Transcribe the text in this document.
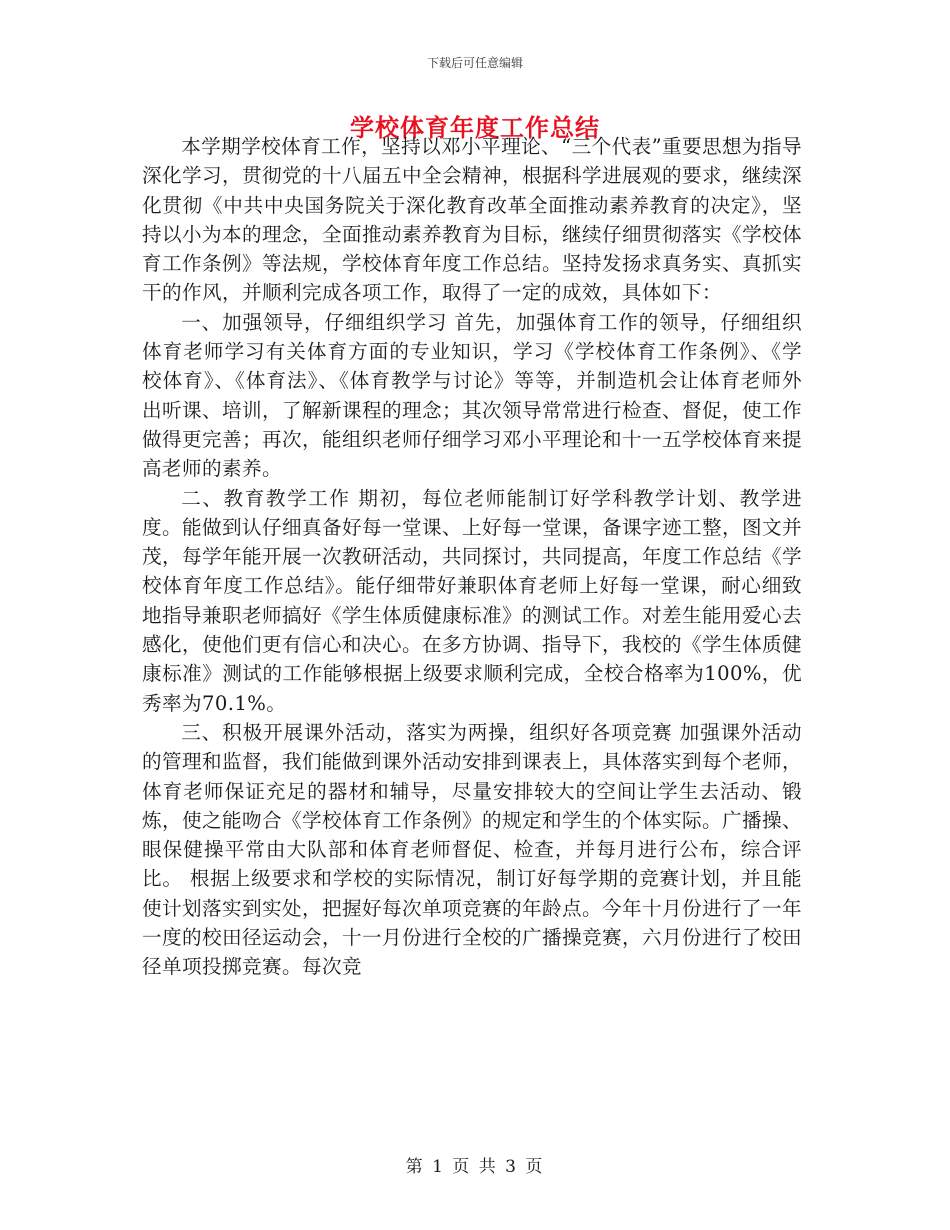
下载后可任意编辑
学校体育年度工作总结

本学期学校体育工作，坚持以邓小平理论、“三个代表”重要思想为指导深化学习，贯彻党的十八届五中全会精神，根据科学进展观的要求，继续深化贯彻《中共中央国务院关于深化教育改革全面推动素养教育的决定》，坚持以小为本的理念，全面推动素养教育为目标，继续仔细贯彻落实《学校体育工作条例》等法规，学校体育年度工作总结。坚持发扬求真务实、真抓实干的作风，并顺利完成各项工作，取得了一定的成效，具体如下：

一、加强领导，仔细组织学习 首先，加强体育工作的领导，仔细组织体育老师学习有关体育方面的专业知识，学习《学校体育工作条例》、《学校体育》、《体育法》、《体育教学与讨论》等等，并制造机会让体育老师外出听课、培训，了解新课程的理念；其次领导常常进行检查、督促，使工作做得更完善；再次，能组织老师仔细学习邓小平理论和十一五学校体育来提高老师的素养。

二、教育教学工作 期初，每位老师能制订好学科教学计划、教学进度。能做到认仔细真备好每一堂课、上好每一堂课，备课字迹工整，图文并茂，每学年能开展一次教研活动，共同探讨，共同提高，年度工作总结《学校体育年度工作总结》。能仔细带好兼职体育老师上好每一堂课，耐心细致地指导兼职老师搞好《学生体质健康标准》的测试工作。对差生能用爱心去感化，使他们更有信心和决心。在多方协调、指导下，我校的《学生体质健康标准》测试的工作能够根据上级要求顺利完成，全校合格率为100%，优秀率为70.1%。

三、积极开展课外活动，落实为两操，组织好各项竞赛 加强课外活动的管理和监督，我们能做到课外活动安排到课表上，具体落实到每个老师，体育老师保证充足的器材和辅导，尽量安排较大的空间让学生去活动、锻炼，使之能吻合《学校体育工作条例》的规定和学生的个体实际。广播操、眼保健操平常由大队部和体育老师督促、检查，并每月进行公布，综合评比。 根据上级要求和学校的实际情况，制订好每学期的竞赛计划，并且能使计划落实到实处，把握好每次单项竞赛的年龄点。今年十月份进行了一年一度的校田径运动会，十一月份进行全校的广播操竞赛，六月份进行了校田径单项投掷竞赛。每次竞

第 1 页 共 3 页
